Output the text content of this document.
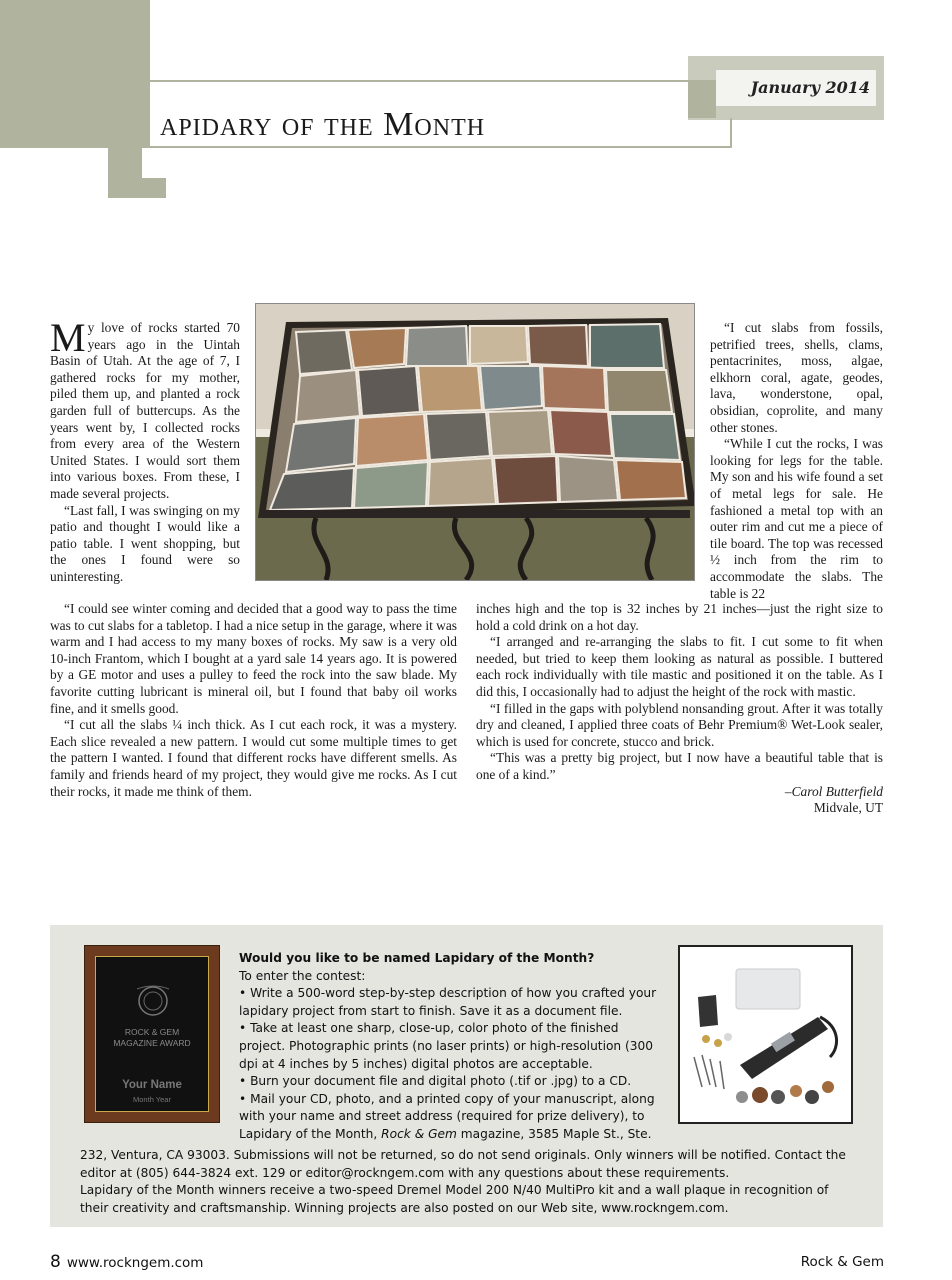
January 2014
apidary of the Month

My love of rocks started 70 years ago in the Uintah Basin of Utah. At the age of 7, I gathered rocks for my mother, piled them up, and planted a rock garden full of buttercups. As the years went by, I collected rocks from every area of the Western United States. I would sort them into various boxes. From these, I made several projects.

“Last fall, I was swinging on my patio and thought I would like a patio table. I went shopping, but the ones I found were so uninteresting.

“I cut slabs from fossils, petrified trees, shells, clams, pentacrinites, moss, algae, elkhorn coral, agate, geodes, lava, wonderstone, opal, obsidian, coprolite, and many other stones.

“While I cut the rocks, I was looking for legs for the table. My son and his wife found a set of metal legs for sale. He fashioned a metal top with an outer rim and cut me a piece of tile board. The top was recessed ½ inch from the rim to accommodate the slabs. The table is 22

“I could see winter coming and decided that a good way to pass the time was to cut slabs for a tabletop. I had a nice setup in the garage, where it was warm and I had access to my many boxes of rocks. My saw is a very old 10-inch Frantom, which I bought at a yard sale 14 years ago. It is powered by a GE motor and uses a pulley to feed the rock into the saw blade. My favorite cutting lubricant is mineral oil, but I found that baby oil works fine, and it smells good.

“I cut all the slabs ¼ inch thick. As I cut each rock, it was a mystery. Each slice revealed a new pattern. I would cut some multiple times to get the pattern I wanted. I found that different rocks have different smells. As family and friends heard of my project, they would give me rocks. As I cut their rocks, it made me think of them.

inches high and the top is 32 inches by 21 inches—just the right size to hold a cold drink on a hot day.

“I arranged and re-arranging the slabs to fit. I cut some to fit when needed, but tried to keep them looking as natural as possible. I buttered each rock individually with tile mastic and positioned it on the table. As I did this, I occasionally had to adjust the height of the rock with mastic.

“I filled in the gaps with polyblend nonsanding grout. After it was totally dry and cleaned, I applied three coats of Behr Premium® Wet-Look sealer, which is used for concrete, stucco and brick.

“This was a pretty big project, but I now have a beautiful table that is one of a kind.”

–Carol Butterfield

Midvale, UT

ROCK & GEM
MAGAZINE AWARD
Your Name
Month Year
Would you like to be named Lapidary of the Month?
To enter the contest:
• Write a 500-word step-by-step description of how you crafted your lapidary project from start to finish. Save it as a document file.
• Take at least one sharp, close-up, color photo of the finished project. Photographic prints (no laser prints) or high-resolution (300 dpi at 4 inches by 5 inches) digital photos are acceptable.
• Burn your document file and digital photo (.tif or .jpg) to a CD.
• Mail your CD, photo, and a printed copy of your manuscript, along with your name and street address (required for prize delivery), to Lapidary of the Month, Rock & Gem magazine, 3585 Maple St., Ste.
232, Ventura, CA 93003. Submissions will not be returned, so do not send originals. Only winners will be notified. Contact the editor at (805) 644-3824 ext. 129 or editor@rockngem.com with any questions about these requirements.
Lapidary of the Month winners receive a two-speed Dremel Model 200 N/40 MultiPro kit and a wall plaque in recognition of their creativity and craftsmanship. Winning projects are also posted on our Web site, www.rockngem.com.
8 www.rockngem.com	Rock & Gem
